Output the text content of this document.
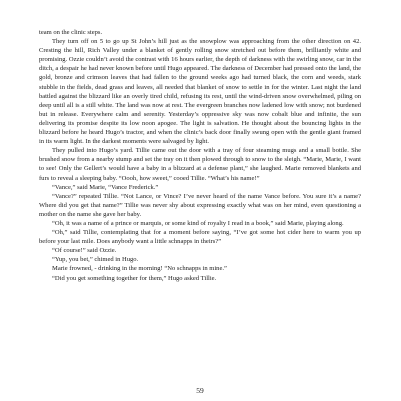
team on the clinic steps.

They turn off on 5 to go up St John’s hill just as the snowplow was approaching from the other direction on 42. Cresting the hill, Rich Valley under a blanket of gently rolling snow stretched out before them, brilliantly white and promising. Ozzie couldn’t avoid the contrast with 16 hours earlier, the depth of darkness with the swirling snow, car in the ditch, a despair he had never known before until Hugo appeared. The darkness of December had pressed onto the land, the gold, bronze and crimson leaves that had fallen to the ground weeks ago had turned black, the corn and weeds, stark stubble in the fields, dead grass and leaves, all needed that blanket of snow to settle in for the winter. Last night the land battled against the blizzard like an overly tired child, refusing its rest, until the wind-driven snow overwhelmed, piling on deep until all is a still white. The land was now at rest. The evergreen branches now ladened low with snow; not burdened but in release. Everywhere calm and serenity. Yesterday’s oppressive sky was now cobalt blue and infinite, the sun delivering its promise despite its low noon apogee. The light is salvation. He thought about the bouncing lights in the blizzard before he heard Hugo’s tractor, and when the clinic’s back door finally swung open with the gentle giant framed in its warm light. In the darkest moments were salvaged by light.

They pulled into Hugo’s yard. Tillie came out the door with a tray of four steaming mugs and a small bottle. She brushed snow from a nearby stump and set the tray on it then plowed through to snow to the sleigh. “Marie, Marie, I want to see! Only the Gellert’s would have a baby in a blizzard at a defense plant,” she laughed. Marie removed blankets and furs to reveal a sleeping baby. “Oooh, how sweet,” cooed Tillie. “What’s his name!”

“Vance,” said Marie, “Vance Frederick.”

“Vance?” repeated Tillie. “Not Lance, or Vince? I’ve never heard of the name Vance before. You sure it’s a name? Where did you get that name?” Tillie was never shy about expressing exactly what was on her mind, even questioning a mother on the name she gave her baby.

“Oh, it was a name of a prince or marquis, or some kind of royalty I read in a book,” said Marie, playing along.

“Oh,” said Tillie, contemplating that for a moment before saying, “I’ve got some hot cider here to warm you up before your last mile. Does anybody want a little schnapps in theirs?”

“Of course!” said Ozzie.

“Yup, you bet,” chimed in Hugo.

Marie frowned, - drinking in the morning! “No schnapps in mine.”

“Did you get something together for them,” Hugo asked Tillie.

59
